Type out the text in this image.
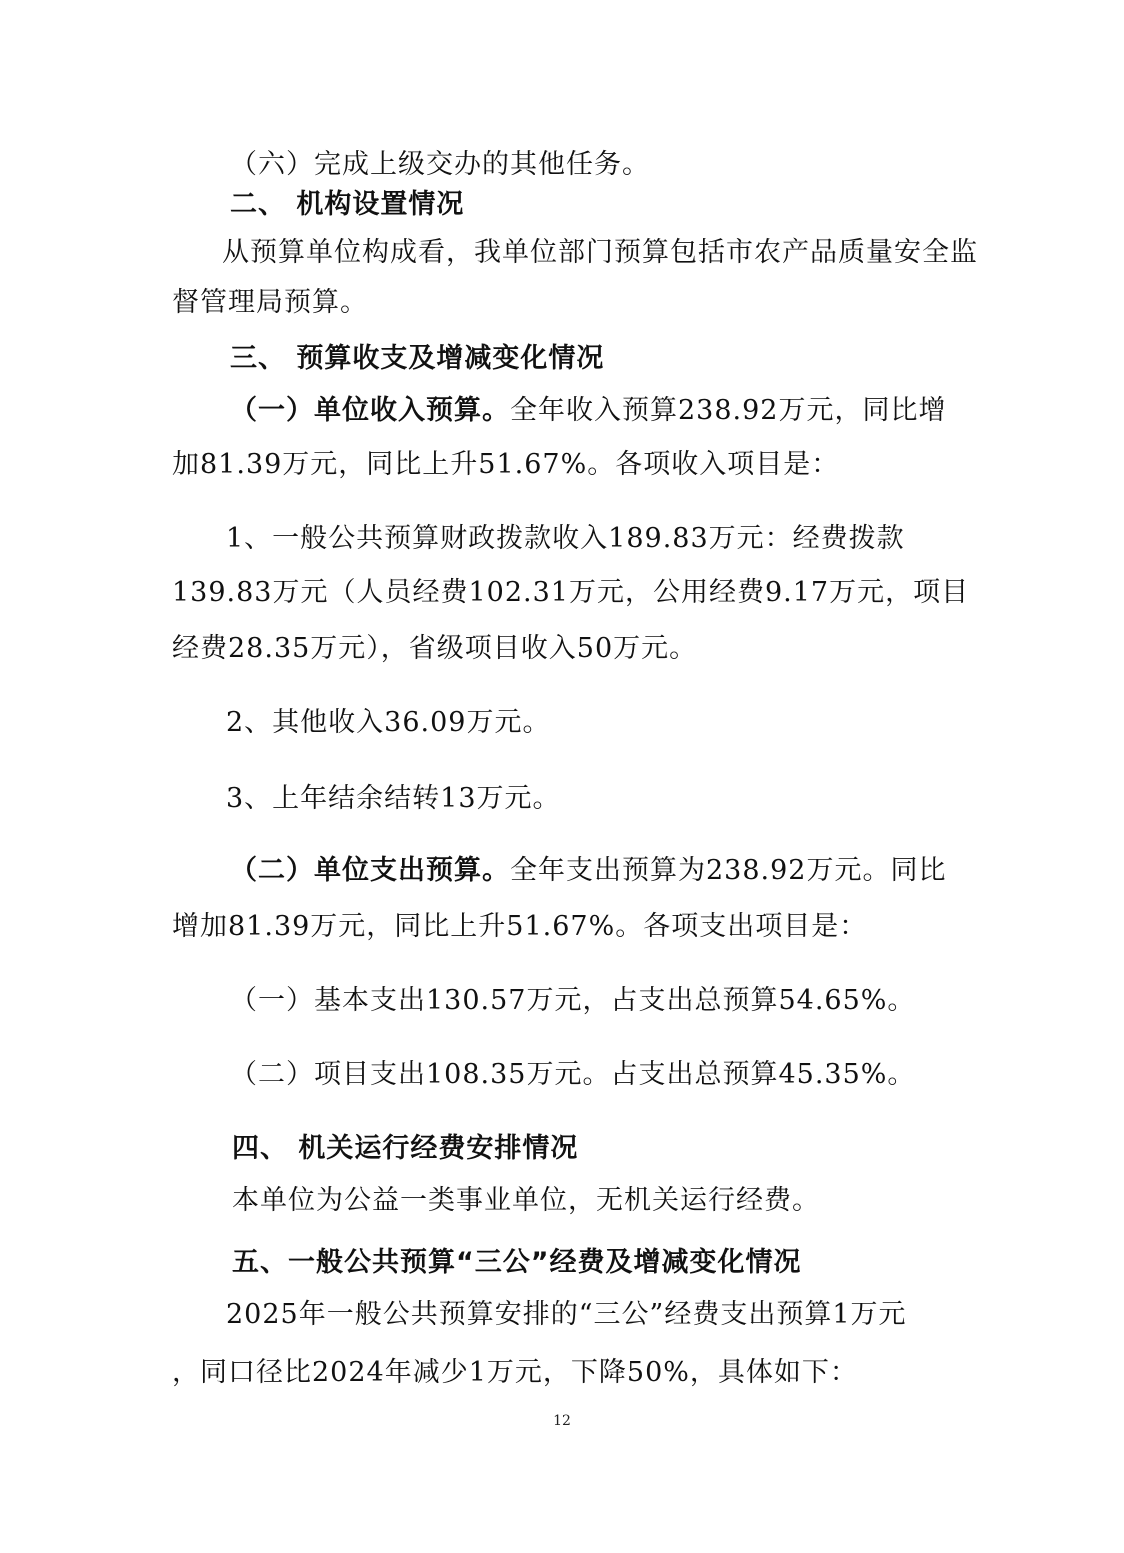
（六）完成上级交办的其他任务。
二、 机构设置情况
从预算单位构成看，我单位部门预算包括市农产品质量安全监
督管理局预算。
三、 预算收支及增减变化情况
（一）单位收入预算。全年收入预算238.92万元，同比增
加81.39万元，同比上升51.67%。各项收入项目是：
1、一般公共预算财政拨款收入189.83万元：经费拨款
139.83万元（人员经费102.31万元，公用经费9.17万元，项目
经费28.35万元），省级项目收入50万元。
2、其他收入36.09万元。
3、上年结余结转13万元。
（二）单位支出预算。全年支出预算为238.92万元。同比
增加81.39万元，同比上升51.67%。各项支出项目是：
（一）基本支出130.57万元，占支出总预算54.65%。
（二）项目支出108.35万元。占支出总预算45.35%。
四、 机关运行经费安排情况
本单位为公益一类事业单位，无机关运行经费。
五、一般公共预算“三公”经费及增减变化情况
2025年一般公共预算安排的“三公”经费支出预算1万元
，同口径比2024年减少1万元，下降50%，具体如下：
12
